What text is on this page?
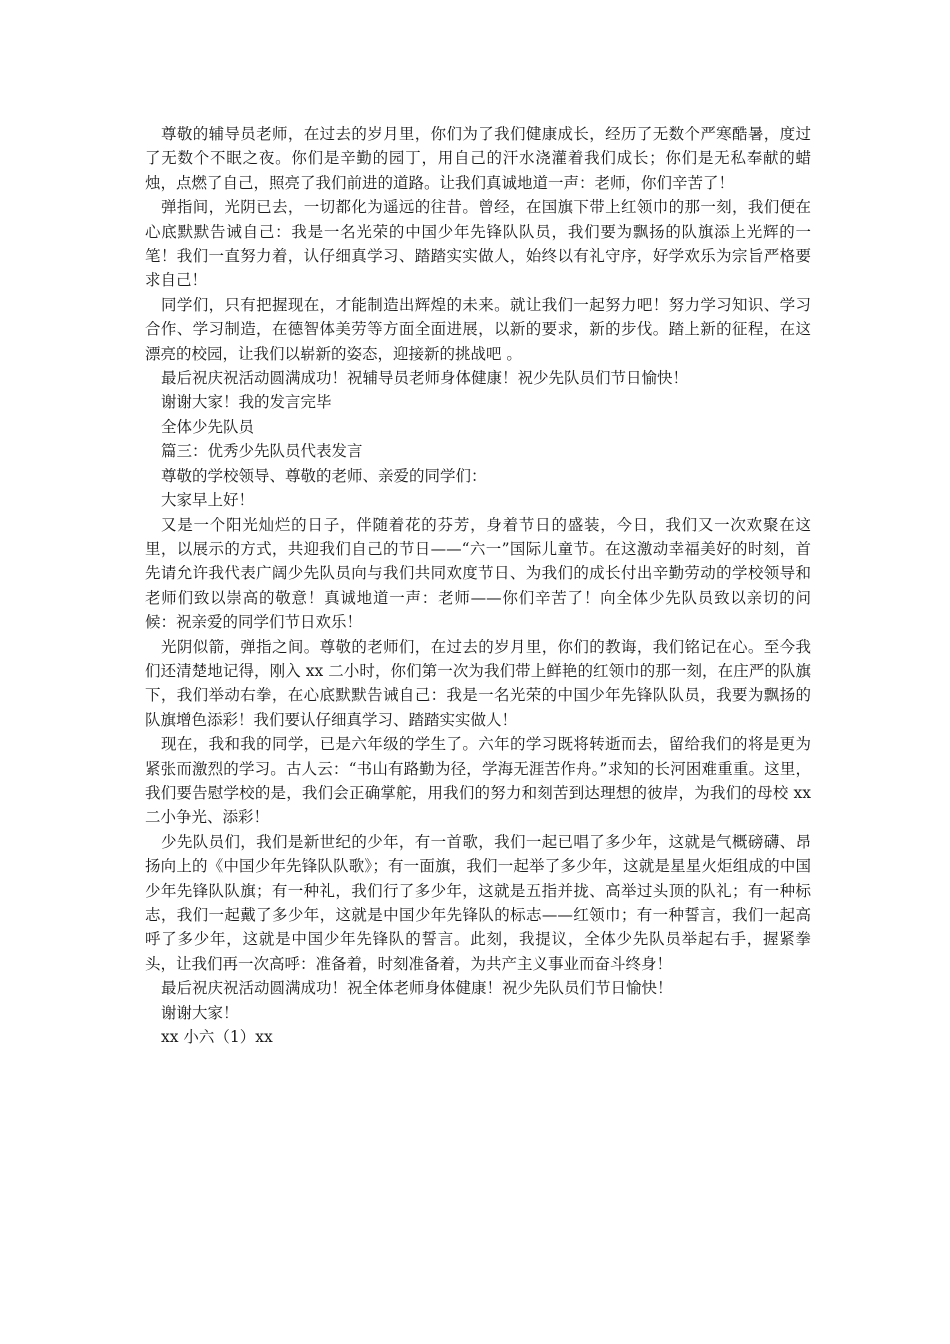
尊敬的辅导员老师，在过去的岁月里，你们为了我们健康成长，经历了无数个严寒酷暑，度过了无数个不眠之夜。你们是辛勤的园丁，用自己的汗水浇灌着我们成长；你们是无私奉献的蜡烛，点燃了自己，照亮了我们前进的道路。让我们真诚地道一声：老师，你们辛苦了！

弹指间，光阴已去，一切都化为遥远的往昔。曾经，在国旗下带上红领巾的那一刻，我们便在心底默默告诫自己：我是一名光荣的中国少年先锋队队员，我们要为飘扬的队旗添上光辉的一笔！我们一直努力着，认仔细真学习、踏踏实实做人，始终以有礼守序，好学欢乐为宗旨严格要求自己！

同学们，只有把握现在，才能制造出辉煌的未来。就让我们一起努力吧！努力学习知识、学习合作、学习制造，在德智体美劳等方面全面进展，以新的要求，新的步伐。踏上新的征程，在这漂亮的校园，让我们以崭新的姿态，迎接新的挑战吧 。

最后祝庆祝活动圆满成功！祝辅导员老师身体健康！祝少先队员们节日愉快！

谢谢大家！我的发言完毕

全体少先队员

篇三：优秀少先队员代表发言

尊敬的学校领导、尊敬的老师、亲爱的同学们：

大家早上好！

又是一个阳光灿烂的日子，伴随着花的芬芳，身着节日的盛装，今日，我们又一次欢聚在这里，以展示的方式，共迎我们自己的节日——“六一”国际儿童节。在这激动幸福美好的时刻，首先请允许我代表广阔少先队员向与我们共同欢度节日、为我们的成长付出辛勤劳动的学校领导和老师们致以崇高的敬意！真诚地道一声：老师——你们辛苦了！向全体少先队员致以亲切的问候：祝亲爱的同学们节日欢乐！

光阴似箭，弹指之间。尊敬的老师们，在过去的岁月里，你们的教诲，我们铭记在心。至今我们还清楚地记得，刚入 xx 二小时，你们第一次为我们带上鲜艳的红领巾的那一刻，在庄严的队旗下，我们举动右拳，在心底默默告诫自己：我是一名光荣的中国少年先锋队队员，我要为飘扬的队旗增色添彩！我们要认仔细真学习、踏踏实实做人！

现在，我和我的同学，已是六年级的学生了。六年的学习既将转逝而去，留给我们的将是更为紧张而激烈的学习。古人云：“书山有路勤为径，学海无涯苦作舟。”求知的长河困难重重。这里，我们要告慰学校的是，我们会正确掌舵，用我们的努力和刻苦到达理想的彼岸，为我们的母校 xx 二小争光、添彩！

少先队员们，我们是新世纪的少年，有一首歌，我们一起已唱了多少年，这就是气概磅礴、昂扬向上的《中国少年先锋队队歌》；有一面旗，我们一起举了多少年，这就是星星火炬组成的中国少年先锋队队旗；有一种礼，我们行了多少年，这就是五指并拢、高举过头顶的队礼；有一种标志，我们一起戴了多少年，这就是中国少年先锋队的标志——红领巾；有一种誓言，我们一起高呼了多少年，这就是中国少年先锋队的誓言。此刻，我提议，全体少先队员举起右手，握紧拳头，让我们再一次高呼：准备着，时刻准备着，为共产主义事业而奋斗终身！

最后祝庆祝活动圆满成功！祝全体老师身体健康！祝少先队员们节日愉快！

谢谢大家！

xx 小六（1）xx
